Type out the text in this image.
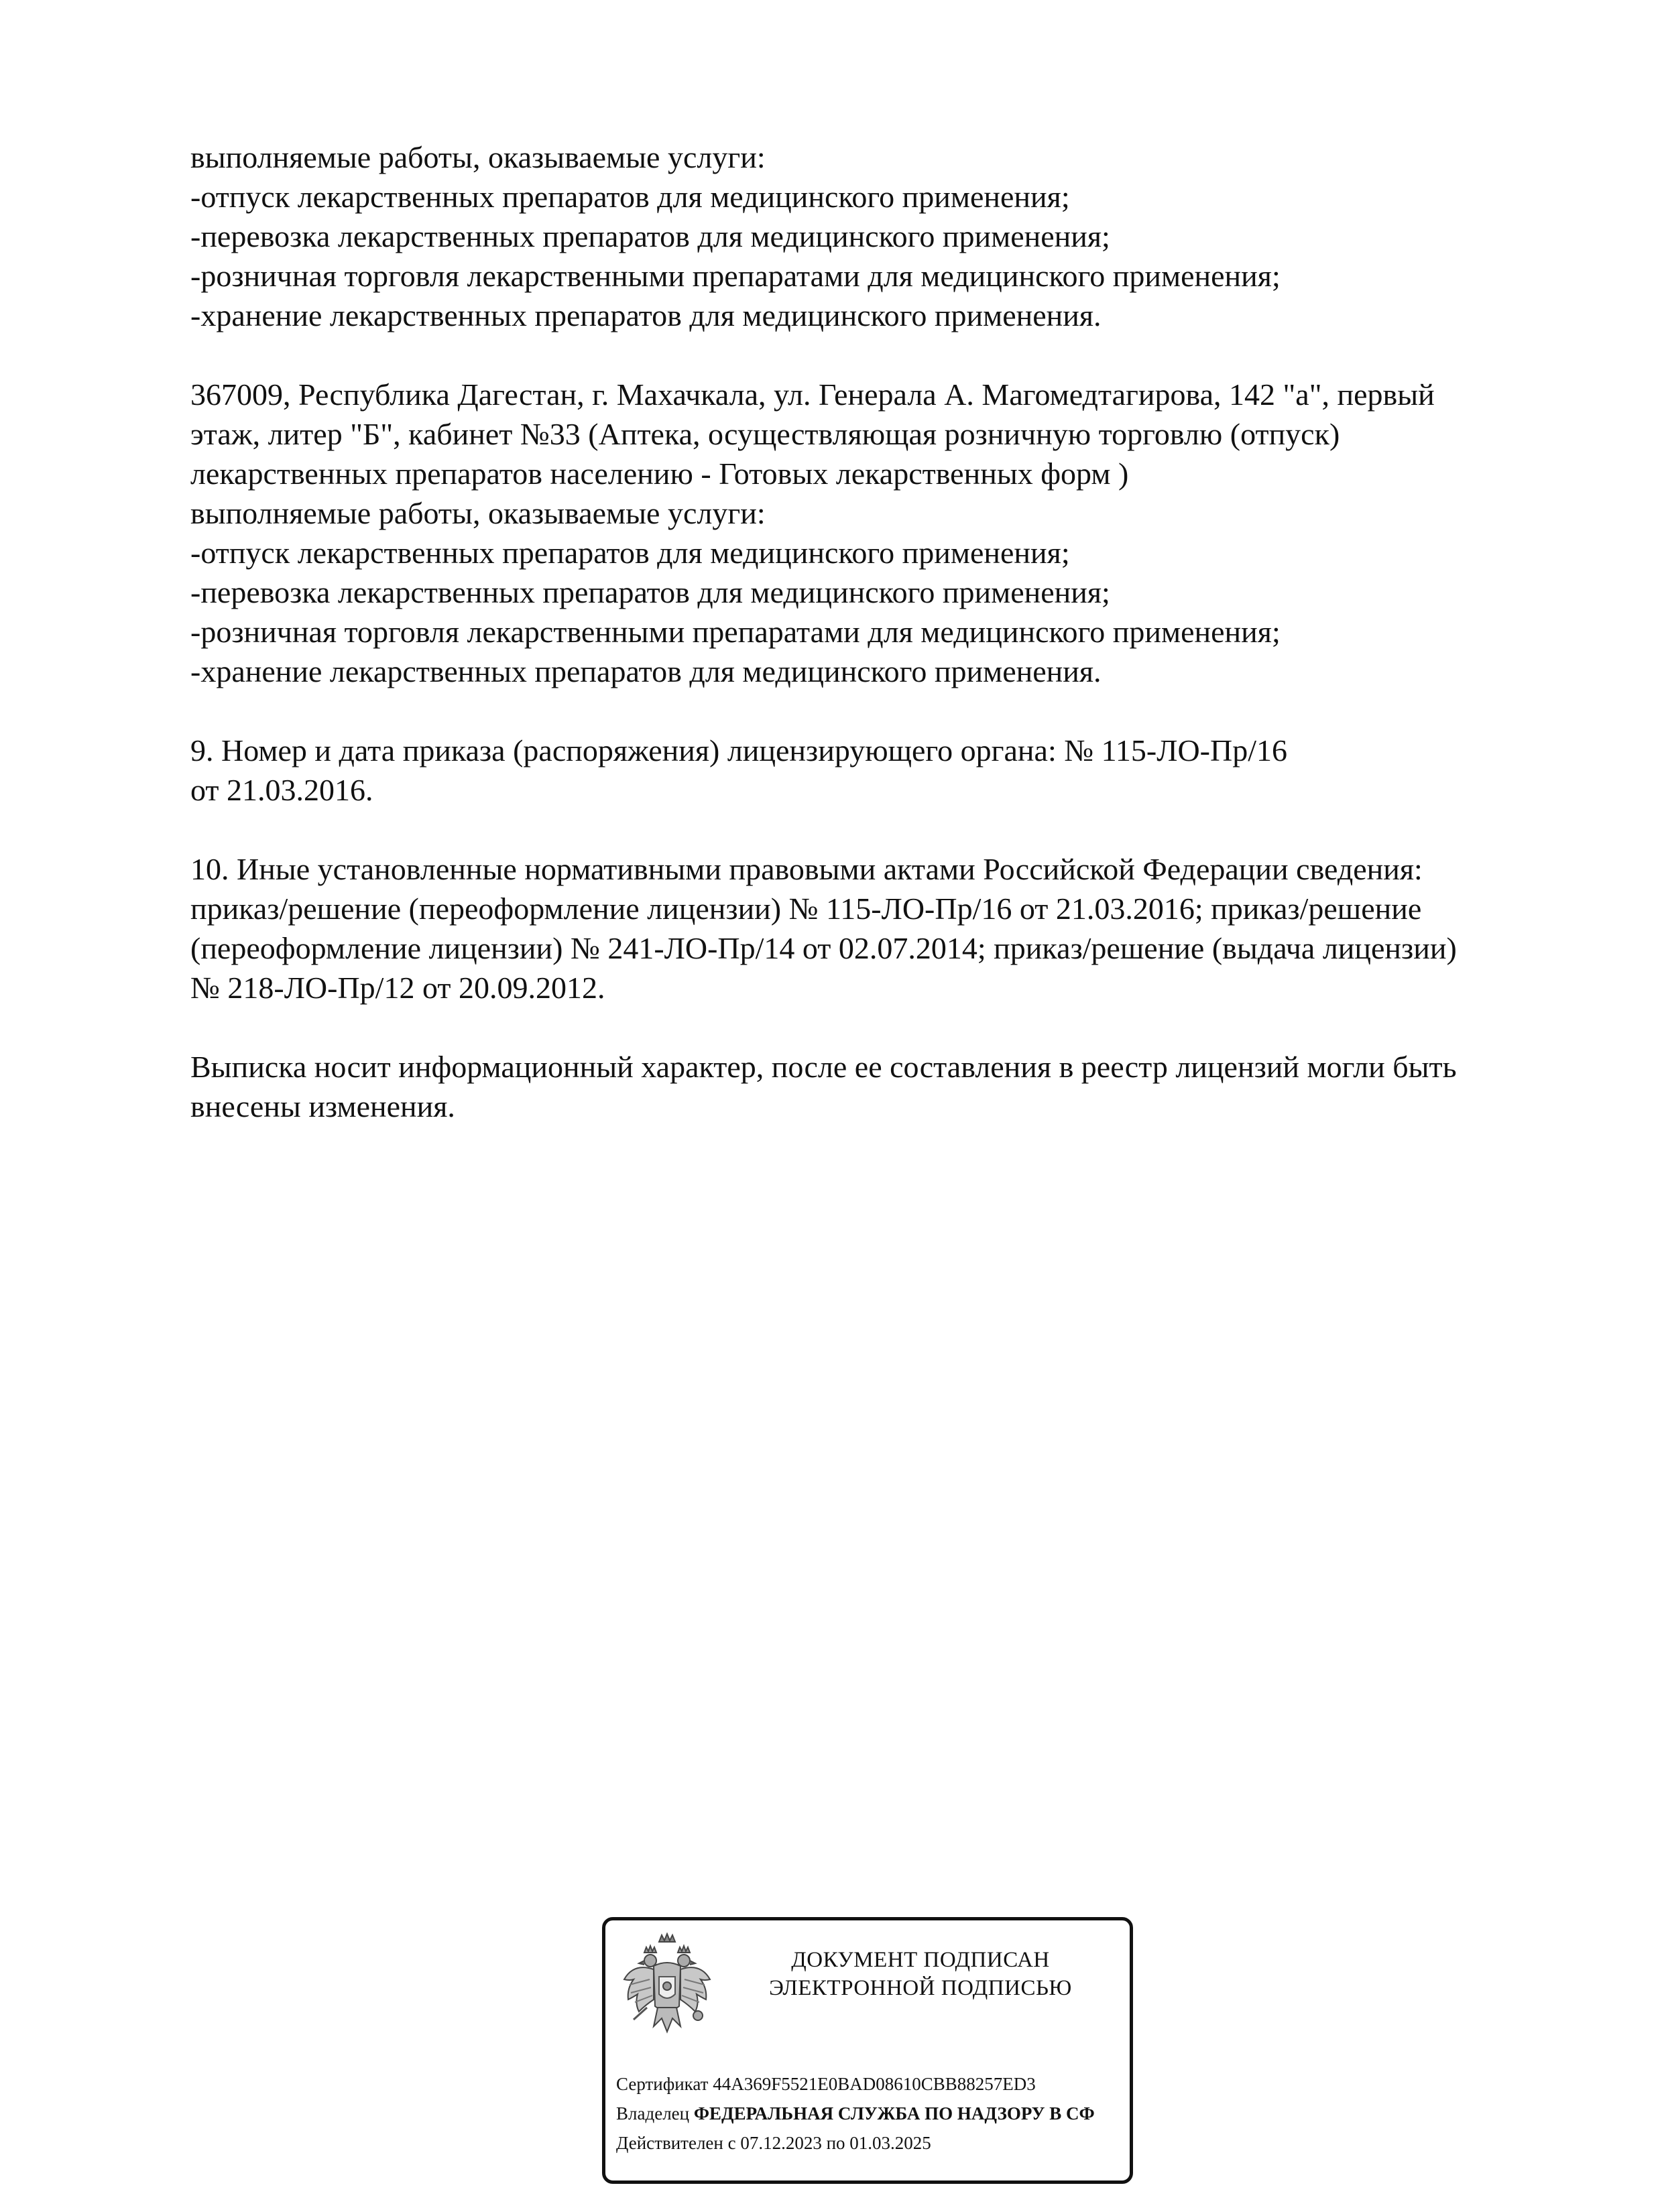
выполняемые работы, оказываемые услуги:
-отпуск лекарственных препаратов для медицинского применения;
-перевозка лекарственных препаратов для медицинского применения;
-розничная торговля лекарственными препаратами для медицинского применения;
-хранение лекарственных препаратов для медицинского применения.
367009, Республика Дагестан, г. Махачкала, ул. Генерала А. Магомедтагирова, 142 "а", первый
этаж, литер "Б", кабинет №33 (Аптека, осуществляющая розничную торговлю (отпуск)
лекарственных препаратов населению - Готовых лекарственных форм )
выполняемые работы, оказываемые услуги:
-отпуск лекарственных препаратов для медицинского применения;
-перевозка лекарственных препаратов для медицинского применения;
-розничная торговля лекарственными препаратами для медицинского применения;
-хранение лекарственных препаратов для медицинского применения.
9. Номер и дата приказа (распоряжения) лицензирующего органа: № 115-ЛО-Пр/16
от 21.03.2016.
10. Иные установленные нормативными правовыми актами Российской Федерации сведения:
приказ/решение (переоформление лицензии) № 115-ЛО-Пр/16 от 21.03.2016; приказ/решение
(переоформление лицензии) № 241-ЛО-Пр/14 от 02.07.2014; приказ/решение (выдача лицензии)
№ 218-ЛО-Пр/12 от 20.09.2012.
Выписка носит информационный характер, после ее составления в реестр лицензий могли быть
внесены изменения.
ДОКУМЕНТ ПОДПИСАН
ЭЛЕКТРОННОЙ ПОДПИСЬЮ
Сертификат 44A369F5521E0BAD08610CBB88257ED3
Владелец ФЕДЕРАЛЬНАЯ СЛУЖБА ПО НАДЗОРУ В СФ
Действителен с 07.12.2023 по 01.03.2025
